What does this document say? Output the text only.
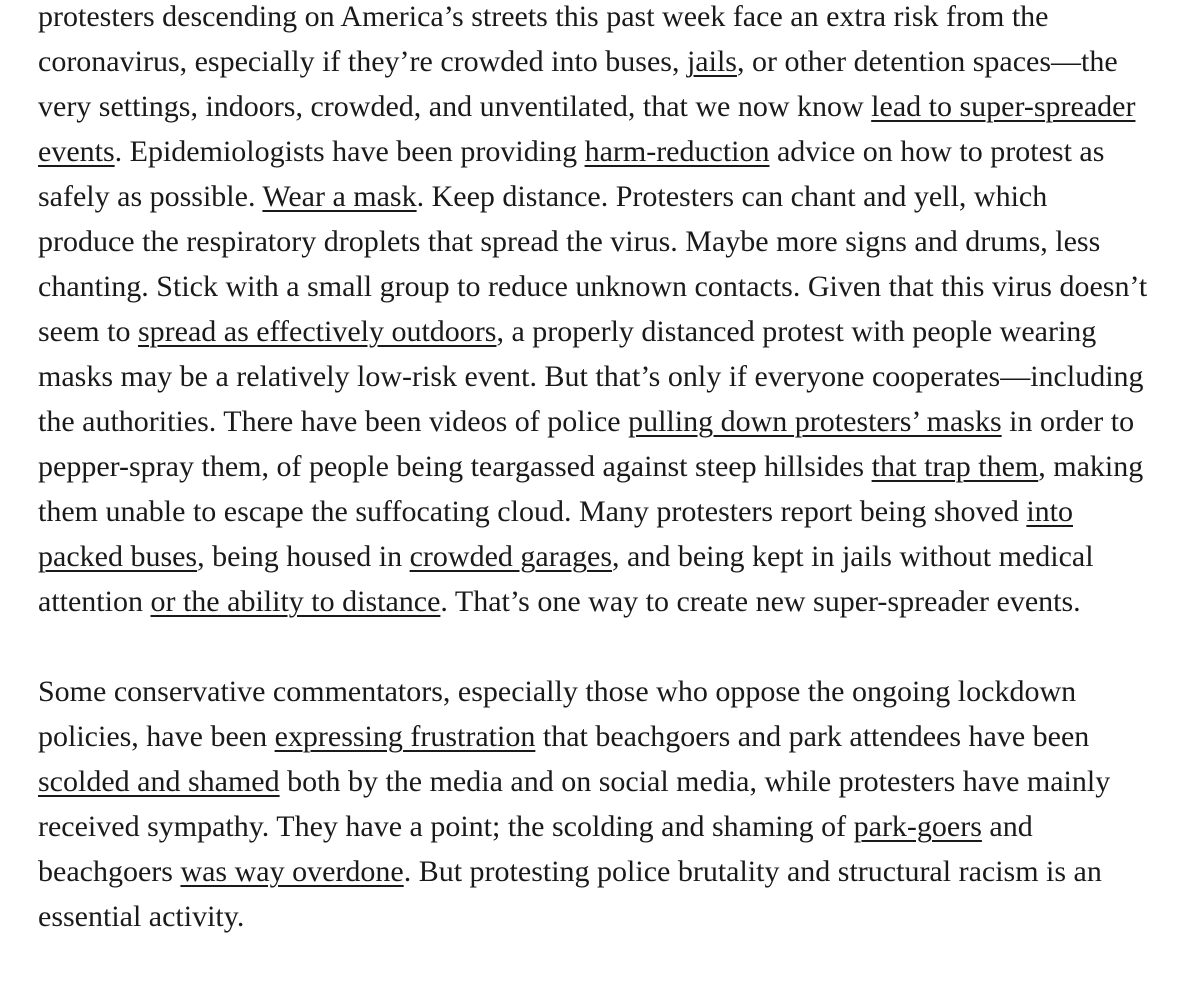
protesters descending on America’s streets this past week face an extra risk from the coronavirus, especially if they’re crowded into buses, jails, or other detention spaces—the very settings, indoors, crowded, and unventilated, that we now know lead to super-spreader events. Epidemiologists have been providing harm-reduction advice on how to protest as safely as possible. Wear a mask. Keep distance. Protesters can chant and yell, which produce the respiratory droplets that spread the virus. Maybe more signs and drums, less chanting. Stick with a small group to reduce unknown contacts. Given that this virus doesn’t seem to spread as effectively outdoors, a properly distanced protest with people wearing masks may be a relatively low-risk event. But that’s only if everyone cooperates—including the authorities. There have been videos of police pulling down protesters’ masks in order to pepper-spray them, of people being teargassed against steep hillsides that trap them, making them unable to escape the suffocating cloud. Many protesters report being shoved into packed buses, being housed in crowded garages, and being kept in jails without medical attention or the ability to distance. That’s one way to create new super-spreader events.

Some conservative commentators, especially those who oppose the ongoing lockdown policies, have been expressing frustration that beachgoers and park attendees have been scolded and shamed both by the media and on social media, while protesters have mainly received sympathy. They have a point; the scolding and shaming of park-goers and beachgoers was way overdone. But protesting police brutality and structural racism is an essential activity.
